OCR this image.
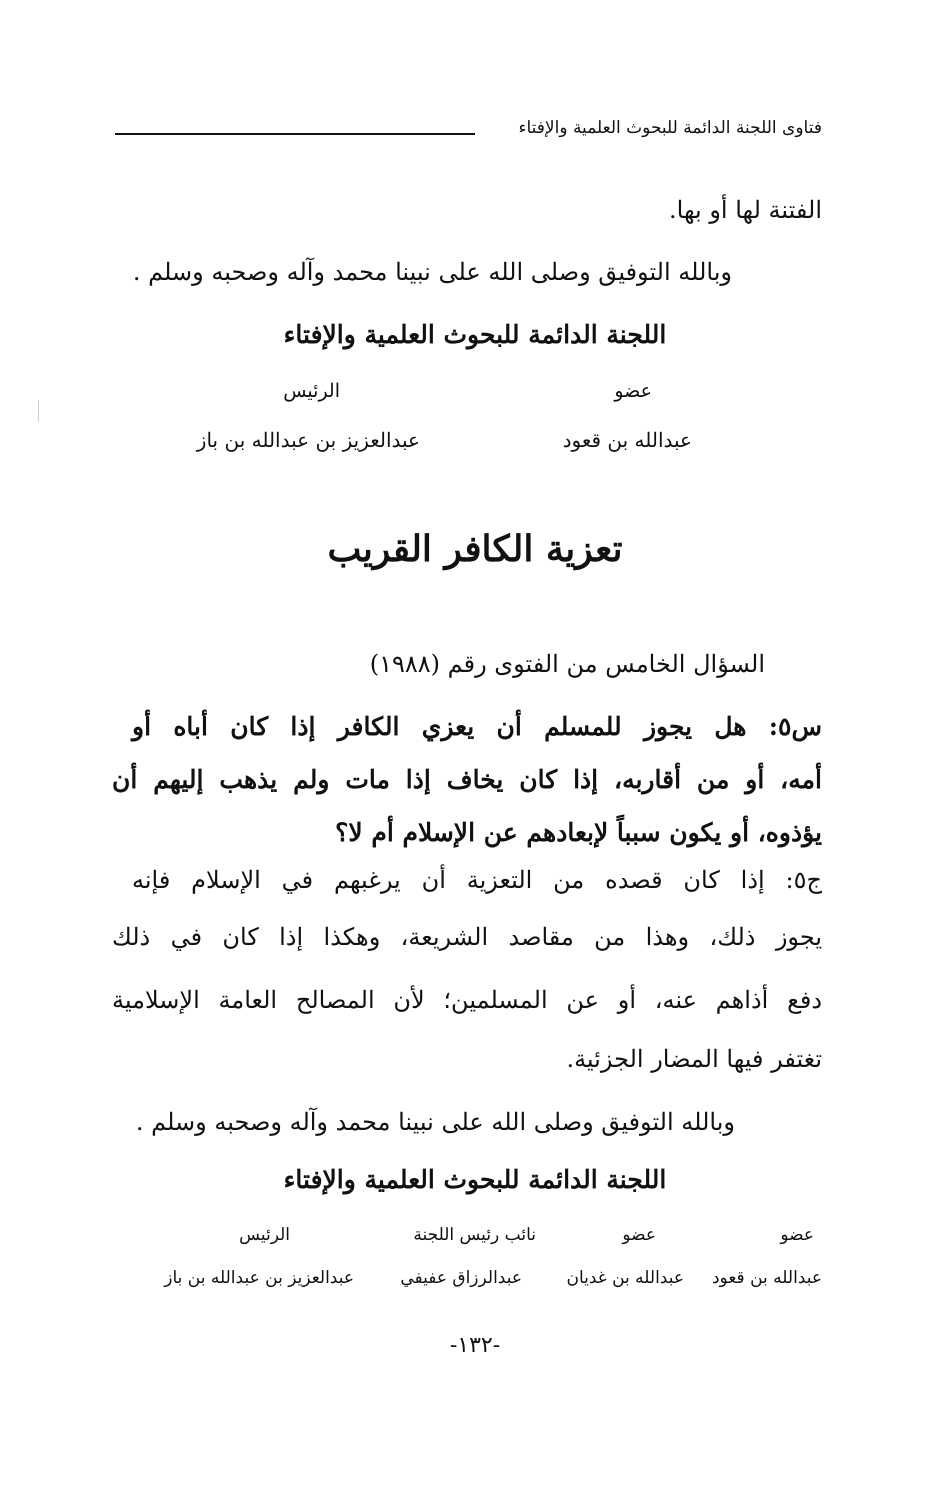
فتاوى اللجنة الدائمة للبحوث العلمية والإفتاء
الفتنة لها أو بها.
وبالله التوفيق وصلى الله على نبينا محمد وآله وصحبه وسلم .
اللجنة الدائمة للبحوث العلمية والإفتاء
عضو
الرئيس
عبدالله بن قعود
عبدالعزيز بن عبدالله بن باز
تعزية الكافر القريب
السؤال الخامس من الفتوى رقم (١٩٨٨)
س٥: هل يجوز للمسلم أن يعزي الكافر إذا كان أباه أو
أمه، أو من أقاربه، إذا كان يخاف إذا مات ولم يذهب إليهم أن
يؤذوه، أو يكون سبباً لإبعادهم عن الإسلام أم لا؟
ج٥: إذا كان قصده من التعزية أن يرغبهم في الإسلام فإنه
يجوز ذلك، وهذا من مقاصد الشريعة، وهكذا إذا كان في ذلك
دفع أذاهم عنه، أو عن المسلمين؛ لأن المصالح العامة الإسلامية
تغتفر فيها المضار الجزئية.
وبالله التوفيق وصلى الله على نبينا محمد وآله وصحبه وسلم .
اللجنة الدائمة للبحوث العلمية والإفتاء
عضو
عضو
نائب رئيس اللجنة
الرئيس
عبدالله بن قعود
عبدالله بن غديان
عبدالرزاق عفيفي
عبدالعزيز بن عبدالله بن باز
-١٣٢-
